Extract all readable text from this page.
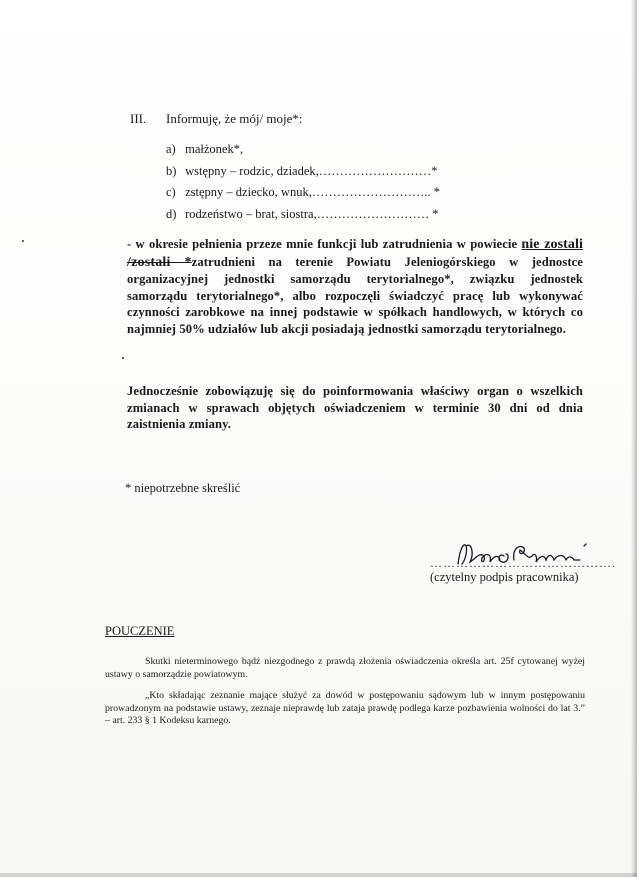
III. Informuję, że mój/ moje*:
a) małżonek*,
b) wstępny – rodzic, dziadek,………………………*
c) zstępny – dziecko, wnuk,……………………….. *
d) rodzeństwo – brat, siostra,……………………… *
- w okresie pełnienia przeze mnie funkcji lub zatrudnienia w powiecie nie zostali /zostali *zatrudnieni na terenie Powiatu Jeleniogórskiego w jednostce organizacyjnej jednostki samorządu terytorialnego*, związku jednostek samorządu terytorialnego*, albo rozpoczęli świadczyć pracę lub wykonywać czynności zarobkowe na innej podstawie w spółkach handlowych, w których co najmniej 50% udziałów lub akcji posiadają jednostki samorządu terytorialnego.
Jednocześnie zobowiązuję się do poinformowania właściwy organ o wszelkich zmianach w sprawach objętych oświadczeniem w terminie 30 dni od dnia zaistnienia zmiany.
* niepotrzebne skreślić
…………………………………….
(czytelny podpis pracownika)
POUCZENIE
Skutki nieterminowego bądź niezgodnego z prawdą złożenia oświadczenia określa art. 25f cytowanej wyżej ustawy o samorządzie powiatowym.
„Kto składając zeznanie mające służyć za dowód w postępowaniu sądowym lub w innym postępowaniu prowadzonym na podstawie ustawy, zeznaje nieprawdę lub zataja prawdę podlega karze pozbawienia wolności do lat 3.” – art. 233 § 1 Kodeksu karnego.
